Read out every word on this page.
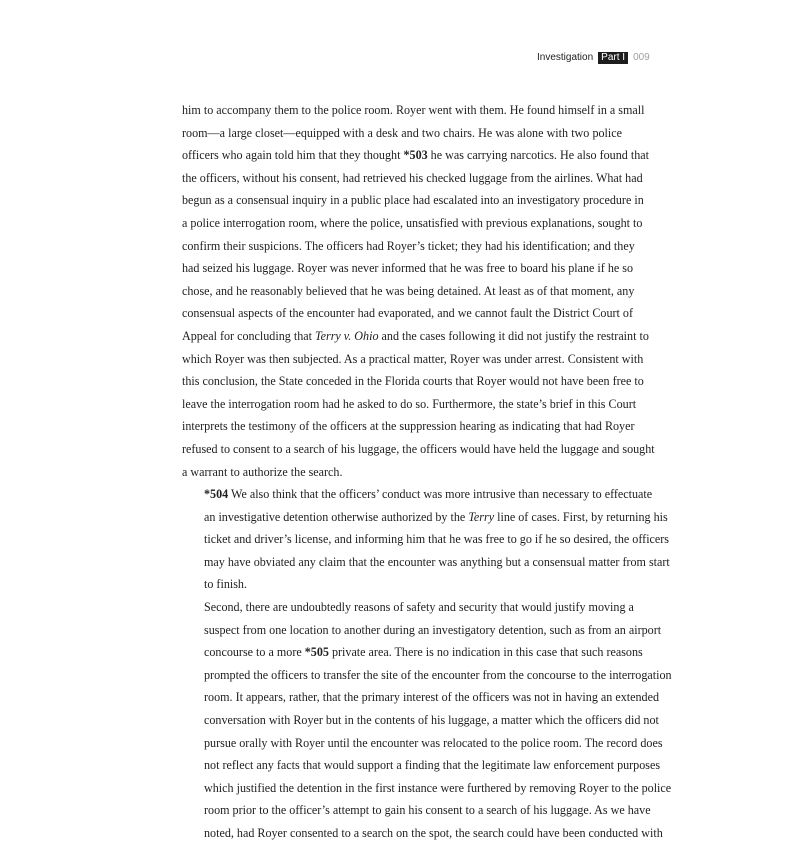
Investigation Part I 009

him to accompany them to the police room. Royer went with them. He found himself in a small
room—a large closet—equipped with a desk and two chairs. He was alone with two police
officers who again told him that they thought *503 he was carrying narcotics. He also found that
the officers, without his consent, had retrieved his checked luggage from the airlines. What had
begun as a consensual inquiry in a public place had escalated into an investigatory procedure in
a police interrogation room, where the police, unsatisfied with previous explanations, sought to
confirm their suspicions. The officers had Royer’s ticket; they had his identification; and they
had seized his luggage. Royer was never informed that he was free to board his plane if he so
chose, and he reasonably believed that he was being detained. At least as of that moment, any
consensual aspects of the encounter had evaporated, and we cannot fault the District Court of
Appeal for concluding that Terry v. Ohio and the cases following it did not justify the restraint to
which Royer was then subjected. As a practical matter, Royer was under arrest. Consistent with
this conclusion, the State conceded in the Florida courts that Royer would not have been free to
leave the interrogation room had he asked to do so. Furthermore, the state’s brief in this Court
interprets the testimony of the officers at the suppression hearing as indicating that had Royer
refused to consent to a search of his luggage, the officers would have held the luggage and sought
a warrant to authorize the search.

*504 We also think that the officers’ conduct was more intrusive than necessary to effectuate
an investigative detention otherwise authorized by the Terry line of cases. First, by returning his
ticket and driver’s license, and informing him that he was free to go if he so desired, the officers
may have obviated any claim that the encounter was anything but a consensual matter from start
to finish.

Second, there are undoubtedly reasons of safety and security that would justify moving a
suspect from one location to another during an investigatory detention, such as from an airport
concourse to a more *505 private area. There is no indication in this case that such reasons
prompted the officers to transfer the site of the encounter from the concourse to the interrogation
room. It appears, rather, that the primary interest of the officers was not in having an extended
conversation with Royer but in the contents of his luggage, a matter which the officers did not
pursue orally with Royer until the encounter was relocated to the police room. The record does
not reflect any facts that would support a finding that the legitimate law enforcement purposes
which justified the detention in the first instance were furthered by removing Royer to the police
room prior to the officer’s attempt to gain his consent to a search of his luggage. As we have
noted, had Royer consented to a search on the spot, the search could have been conducted with
